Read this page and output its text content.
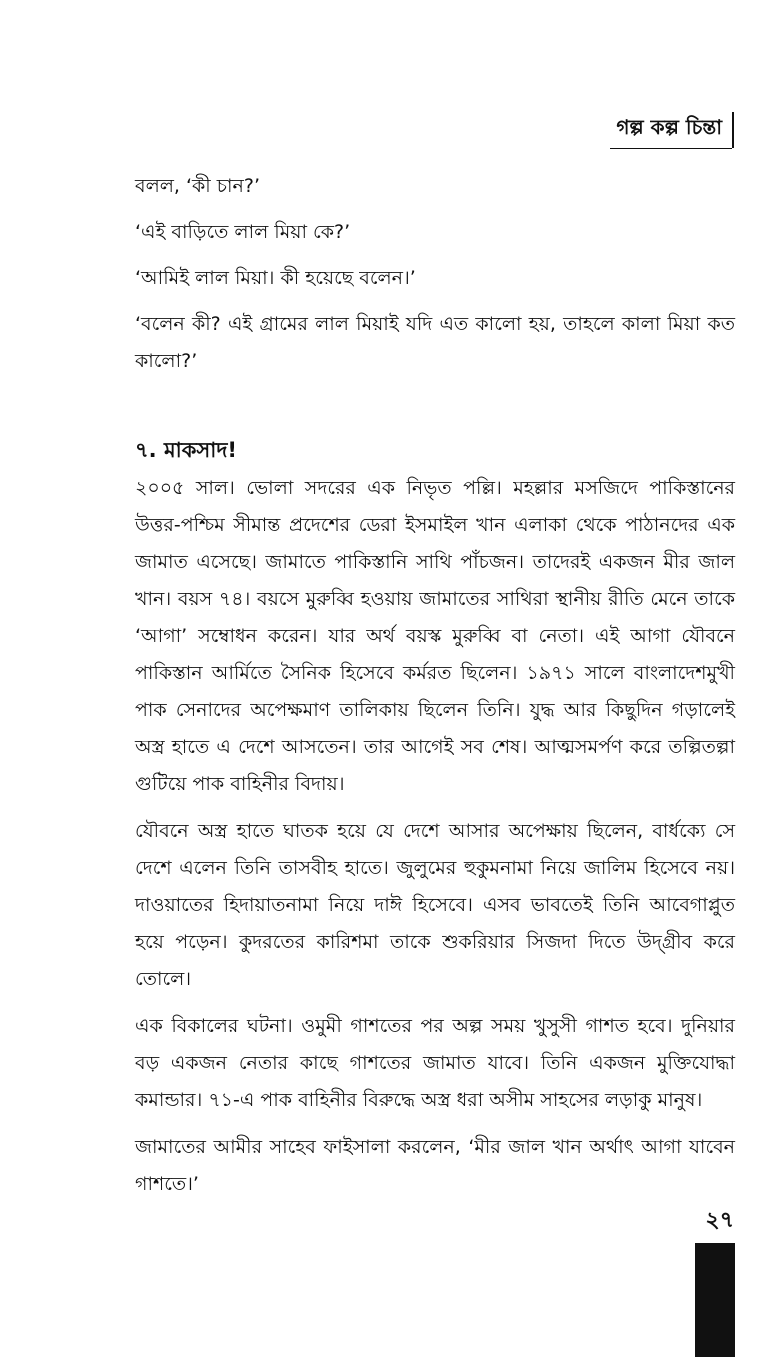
গল্প কল্প চিন্তা

বলল, ‘কী চান?’

‘এই বাড়িতে লাল মিয়া কে?’

‘আমিই লাল মিয়া। কী হয়েছে বলেন।’

‘বলেন কী? এই গ্রামের লাল মিয়াই যদি এত কালো হয়, তাহলে কালা মিয়া কত কালো?’

৭. মাকসাদ!

২০০৫ সাল। ভোলা সদরের এক নিভৃত পল্লি। মহল্লার মসজিদে পাকিস্তানের উত্তর-পশ্চিম সীমান্ত প্রদেশের ডেরা ইসমাইল খান এলাকা থেকে পাঠানদের এক জামাত এসেছে। জামাতে পাকিস্তানি সাথি পাঁচজন। তাদেরই একজন মীর জাল খান। বয়স ৭৪। বয়সে মুরুব্বি হওয়ায় জামাতের সাথিরা স্থানীয় রীতি মেনে তাকে ‘আগা’ সম্বোধন করেন। যার অর্থ বয়স্ক মুরুব্বি বা নেতা। এই আগা যৌবনে পাকিস্তান আর্মিতে সৈনিক হিসেবে কর্মরত ছিলেন। ১৯৭১ সালে বাংলাদেশমুখী পাক সেনাদের অপেক্ষমাণ তালিকায় ছিলেন তিনি। যুদ্ধ আর কিছুদিন গড়ালেই অস্ত্র হাতে এ দেশে আসতেন। তার আগেই সব শেষ। আত্মসমর্পণ করে তল্পিতল্পা গুটিয়ে পাক বাহিনীর বিদায়।

যৌবনে অস্ত্র হাতে ঘাতক হয়ে যে দেশে আসার অপেক্ষায় ছিলেন, বার্ধক্যে সে দেশে এলেন তিনি তাসবীহ হাতে। জুলুমের হুকুমনামা নিয়ে জালিম হিসেবে নয়। দাওয়াতের হিদায়াতনামা নিয়ে দাঈ হিসেবে। এসব ভাবতেই তিনি আবেগাপ্লুত হয়ে পড়েন। কুদরতের কারিশমা তাকে শুকরিয়ার সিজদা দিতে উদ্‌গ্রীব করে তোলে।

এক বিকালের ঘটনা। ওমুমী গাশতের পর অল্প সময় খুসুসী গাশত হবে। দুনিয়ার বড় একজন নেতার কাছে গাশতের জামাত যাবে। তিনি একজন মুক্তিযোদ্ধা কমান্ডার। ৭১-এ পাক বাহিনীর বিরুদ্ধে অস্ত্র ধরা অসীম সাহসের লড়াকু মানুষ।

জামাতের আমীর সাহেব ফাইসালা করলেন, ‘মীর জাল খান অর্থাৎ আগা যাবেন গাশতে।’

২৭
